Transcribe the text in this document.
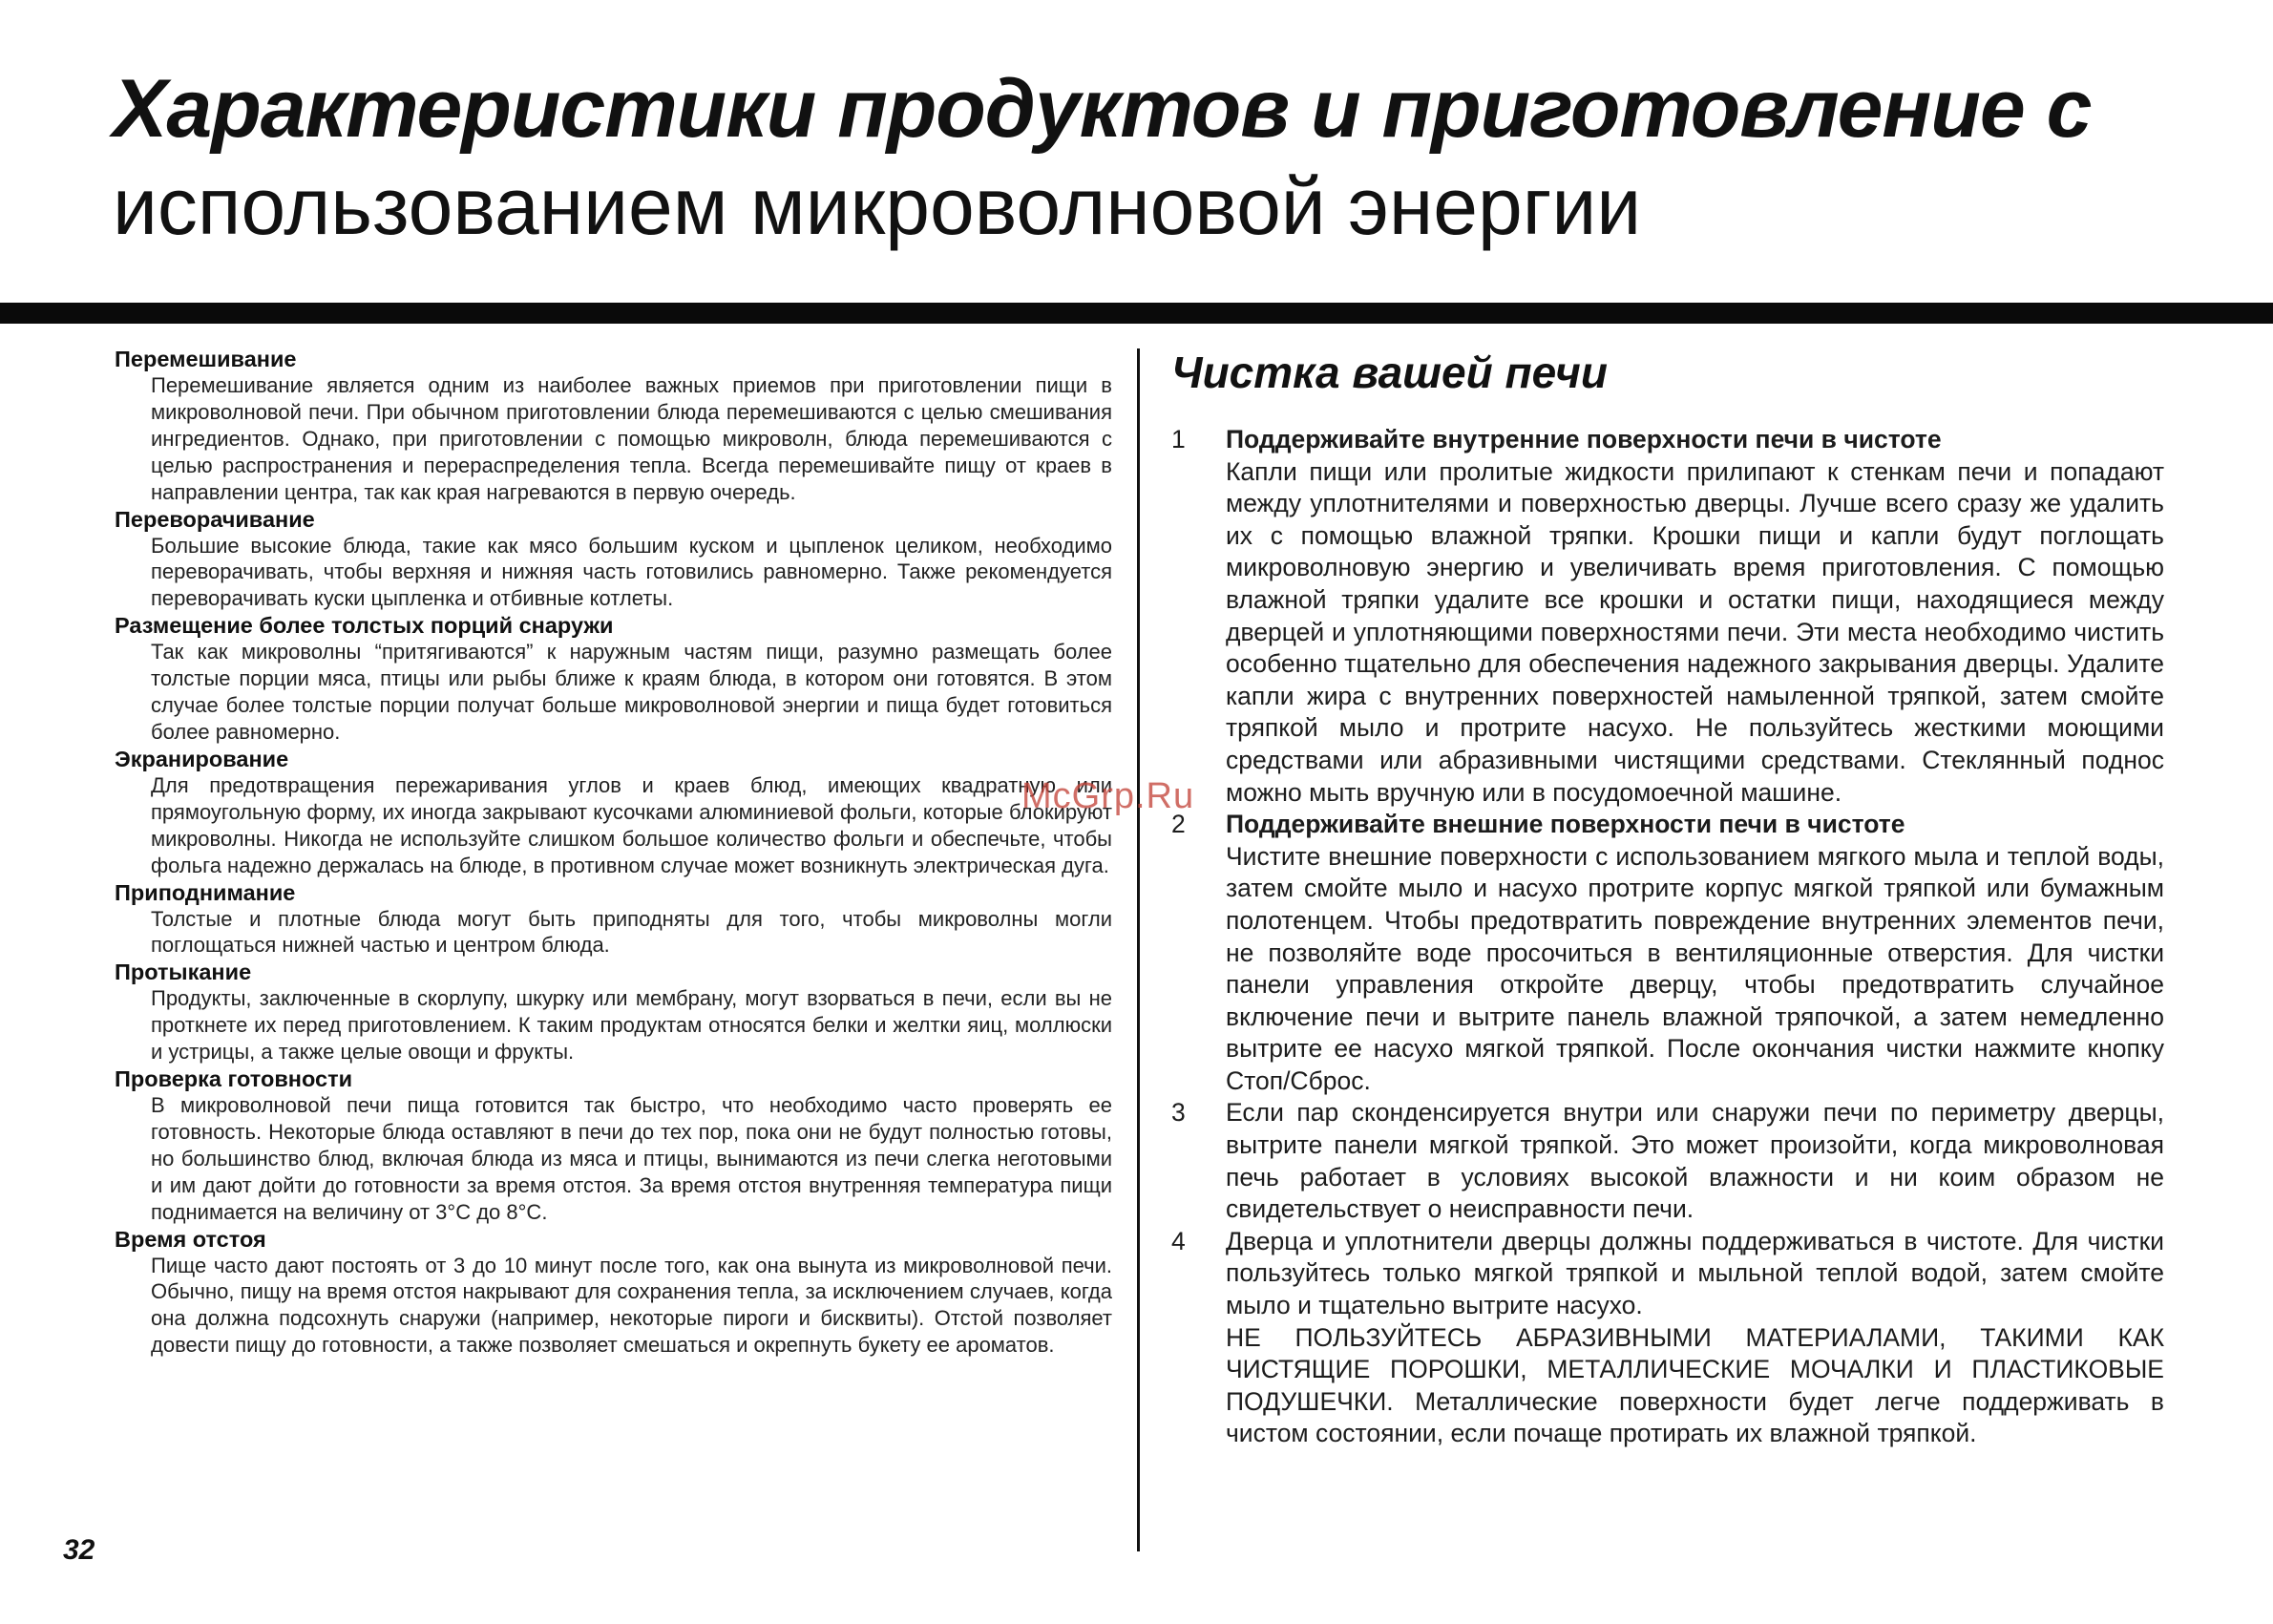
Характеристики продуктов и приготовление с
использованием микроволновой энергии
Перемешивание
Перемешивание является одним из наиболее важных приемов при приготовлении пищи в микроволновой печи. При обычном приготовлении блюда перемешиваются с целью смешивания ингредиентов. Однако, при приготовлении с помощью микроволн, блюда перемешиваются с целью распространения и перераспределения тепла. Всегда перемешивайте пищу от краев в направлении центра, так как края нагреваются в первую очередь.
Переворачивание
Большие высокие блюда, такие как мясо большим куском и цыпленок целиком, необходимо переворачивать, чтобы верхняя и нижняя часть готовились равномерно. Также рекомендуется переворачивать куски цыпленка и отбивные котлеты.
Размещение более толстых порций снаружи
Так как микроволны “притягиваются” к наружным частям пищи, разумно размещать более толстые порции мяса, птицы или рыбы ближе к краям блюда, в котором они готовятся. В этом случае более толстые порции получат больше микроволновой энергии и пища будет готовиться более равномерно.
Экранирование
Для предотвращения пережаривания углов и краев блюд, имеющих квадратную или прямоугольную форму, их иногда закрывают кусочками алюминиевой фольги, которые блокируют микроволны. Никогда не используйте слишком большое количество фольги и обеспечьте, чтобы фольга надежно держалась на блюде, в противном случае может возникнуть электрическая дуга.
Приподнимание
Толстые и плотные блюда могут быть приподняты для того, чтобы микроволны могли поглощаться нижней частью и центром блюда.
Протыкание
Продукты, заключенные в скорлупу, шкурку или мембрану, могут взорваться в печи, если вы не проткнете их перед приготовлением. К таким продуктам относятся белки и желтки яиц, моллюски и устрицы, а также целые овощи и фрукты.
Проверка готовности
В микроволновой печи пища готовится так быстро, что необходимо часто проверять ее готовность. Некоторые блюда оставляют в печи до тех пор, пока они не будут полностью готовы, но большинство блюд, включая блюда из мяса и птицы, вынимаются из печи слегка неготовыми и им дают дойти до готовности за время отстоя. За время отстоя внутренняя температура пищи поднимается на величину от 3°С до 8°С.
Время отстоя
Пище часто дают постоять от 3 до 10 минут после того, как она вынута из микроволновой печи. Обычно, пищу на время отстоя накрывают для сохранения тепла, за исключением случаев, когда она должна подсохнуть снаружи (например, некоторые пироги и бисквиты). Отстой позволяет довести пищу до готовности, а также позволяет смешаться и окрепнуть букету ее ароматов.
Чистка вашей печи
1 Поддерживайте внутренние поверхности печи в чистоте
Капли пищи или пролитые жидкости прилипают к стенкам печи и попадают между уплотнителями и поверхностью дверцы. Лучше всего сразу же удалить их с помощью влажной тряпки. Крошки пищи и капли будут поглощать микроволновую энергию и увеличивать время приготовления. С помощью влажной тряпки удалите все крошки и остатки пищи, находящиеся между дверцей и уплотняющими поверхностями печи. Эти места необходимо чистить особенно тщательно для обеспечения надежного закрывания дверцы. Удалите капли жира с внутренних поверхностей намыленной тряпкой, затем смойте тряпкой мыло и протрите насухо. Не пользуйтесь жесткими моющими средствами или абразивными чистящими средствами. Стеклянный поднос можно мыть вручную или в посудомоечной машине.
2 Поддерживайте внешние поверхности печи в чистоте
Чистите внешние поверхности с использованием мягкого мыла и теплой воды, затем смойте мыло и насухо протрите корпус мягкой тряпкой или бумажным полотенцем. Чтобы предотвратить повреждение внутренних элементов печи, не позволяйте воде просочиться в вентиляционные отверстия. Для чистки панели управления откройте дверцу, чтобы предотвратить случайное включение печи и вытрите панель влажной тряпочкой, а затем немедленно вытрите ее насухо мягкой тряпкой. После окончания чистки нажмите кнопку Стоп/Сброс.
3 Если пар сконденсируется внутри или снаружи печи по периметру дверцы, вытрите панели мягкой тряпкой. Это может произойти, когда микроволновая печь работает в условиях высокой влажности и ни коим образом не свидетельствует о неисправности печи.
4 Дверца и уплотнители дверцы должны поддерживаться в чистоте. Для чистки пользуйтесь только мягкой тряпкой и мыльной теплой водой, затем смойте мыло и тщательно вытрите насухо.
НЕ ПОЛЬЗУЙТЕСЬ АБРАЗИВНЫМИ МАТЕРИАЛАМИ, ТАКИМИ КАК ЧИСТЯЩИЕ ПОРОШКИ, МЕТАЛЛИЧЕСКИЕ МОЧАЛКИ И ПЛАСТИКОВЫЕ ПОДУШЕЧКИ. Металлические поверхности будет легче поддерживать в чистом состоянии, если почаще протирать их влажной тряпкой.
McGrp.Ru
32
